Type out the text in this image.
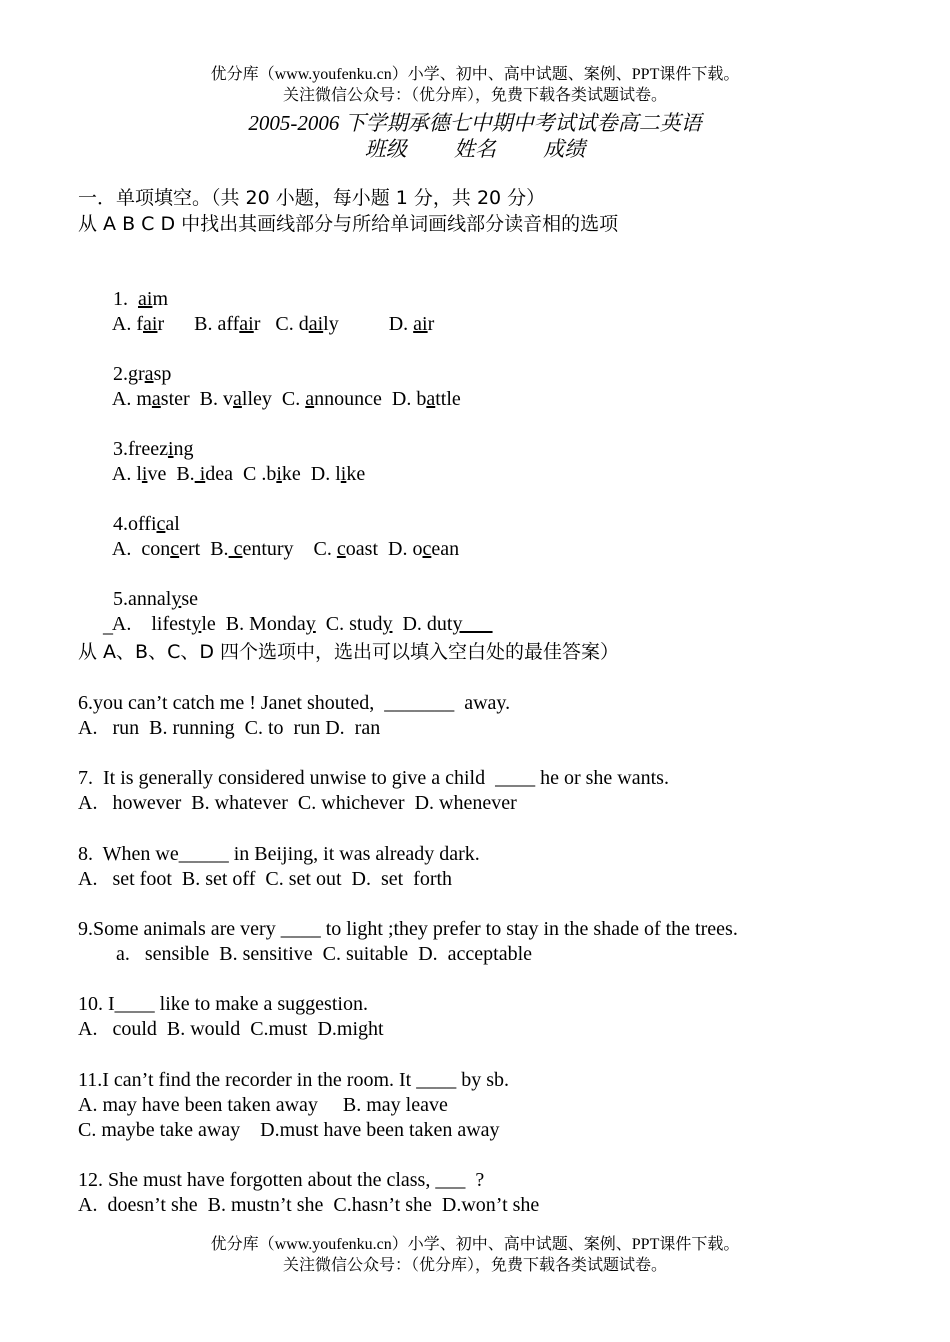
优分库（www.youfenku.cn）小学、初中、高中试题、案例、PPT课件下载。
关注微信公众号：（优分库），免费下载各类试题试卷。
2005-2006 下学期承德七中期中考试试卷高二英语
班级         姓名         成绩
一．单项填空。（共 20 小题，每小题 1 分，共 20 分）
从 A B C D 中找出其画线部分与所给单词画线部分读音相的选项

1.  aim

A. fair      B. affair   C. daily          D. air

2.grasp

A. master  B. valley  C. announce  D. battle

3.freezing

A. live  B. idea  C .bike  D. like

4.offical

A.  concert  B. century    C. coast  D. ocean

5.annalyse

A.    lifestyle  B. Monday  C. study  D. duty___

_
从 A、B、C、D 四个选项中，选出可以填入空白处的最佳答案）
6.you can’t catch me ! Janet shouted,  _______  away.
A.   run  B. running  C. to  run D.  ran
7.  It is generally considered unwise to give a child  ____ he or she wants.
A.   however  B. whatever  C. whichever  D. whenever
8.  When we_____ in Beijing, it was already dark.
A.   set foot  B. set off  C. set out  D.  set  forth
9.Some animals are very ____ to light ;they prefer to stay in the shade of the trees.
a.   sensible  B. sensitive  C. suitable  D.  acceptable
10. I____ like to make a suggestion.
A.   could  B. would  C.must  D.might
11.I can’t find the recorder in the room. It ____ by sb.
A. may have been taken away     B. may leave
C. maybe take away    D.must have been taken away
12. She must have forgotten about the class, ___  ?
A.  doesn’t she  B. mustn’t she  C.hasn’t she  D.won’t she
优分库（www.youfenku.cn）小学、初中、高中试题、案例、PPT课件下载。
关注微信公众号：（优分库），免费下载各类试题试卷。
